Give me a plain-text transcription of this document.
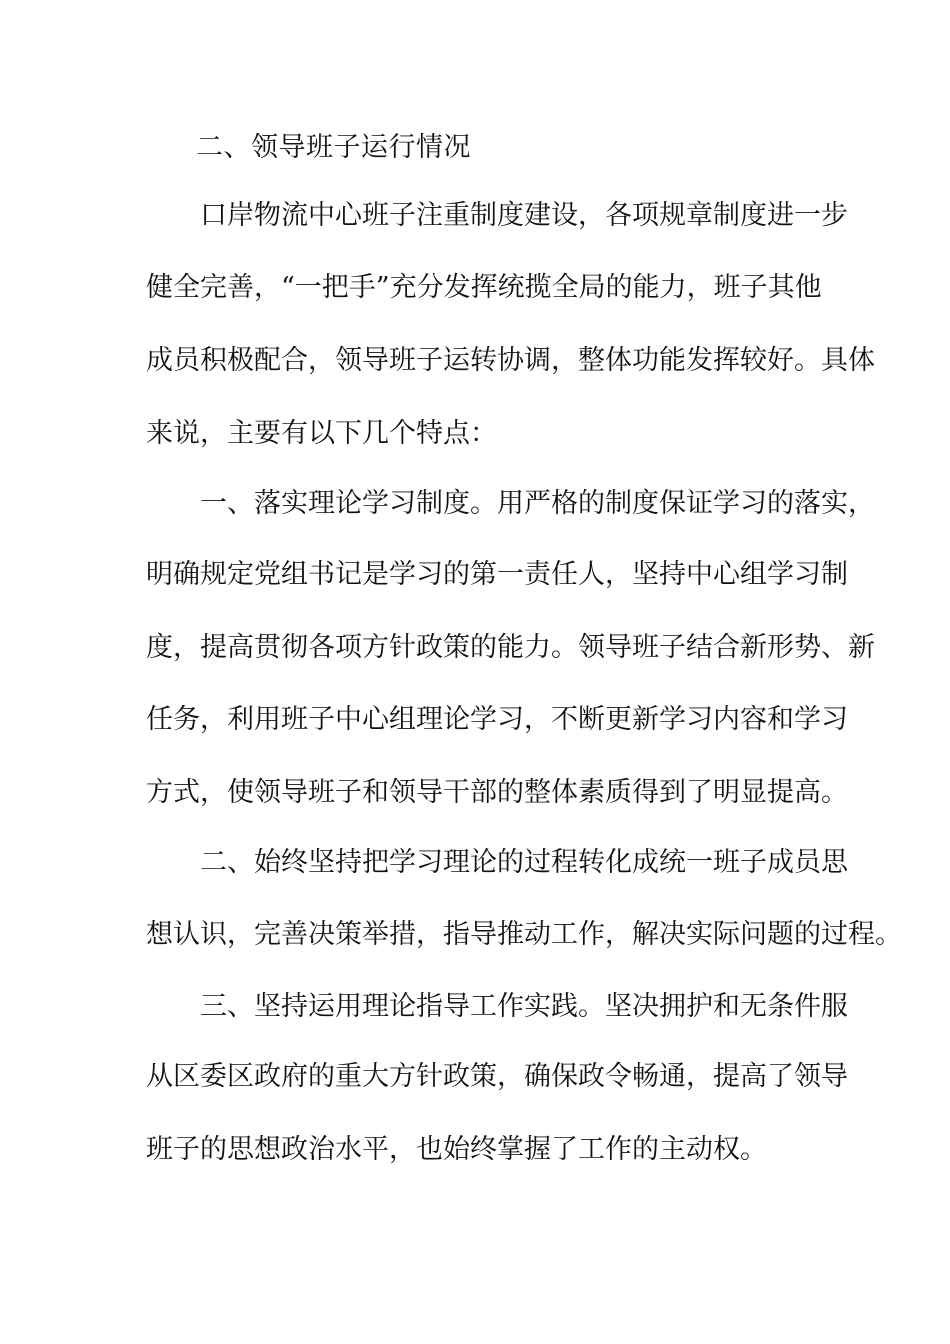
二、领导班子运行情况
口岸物流中心班子注重制度建设，各项规章制度进一步
健全完善，“一把手”充分发挥统揽全局的能力，班子其他
成员积极配合，领导班子运转协调，整体功能发挥较好。具体
来说，主要有以下几个特点：
一、落实理论学习制度。用严格的制度保证学习的落实，
明确规定党组书记是学习的第一责任人，坚持中心组学习制
度，提高贯彻各项方针政策的能力。领导班子结合新形势、新
任务，利用班子中心组理论学习，不断更新学习内容和学习
方式，使领导班子和领导干部的整体素质得到了明显提高。
二、始终坚持把学习理论的过程转化成统一班子成员思
想认识，完善决策举措，指导推动工作，解决实际问题的过程。
三、坚持运用理论指导工作实践。坚决拥护和无条件服
从区委区政府的重大方针政策，确保政令畅通，提高了领导
班子的思想政治水平，也始终掌握了工作的主动权。
